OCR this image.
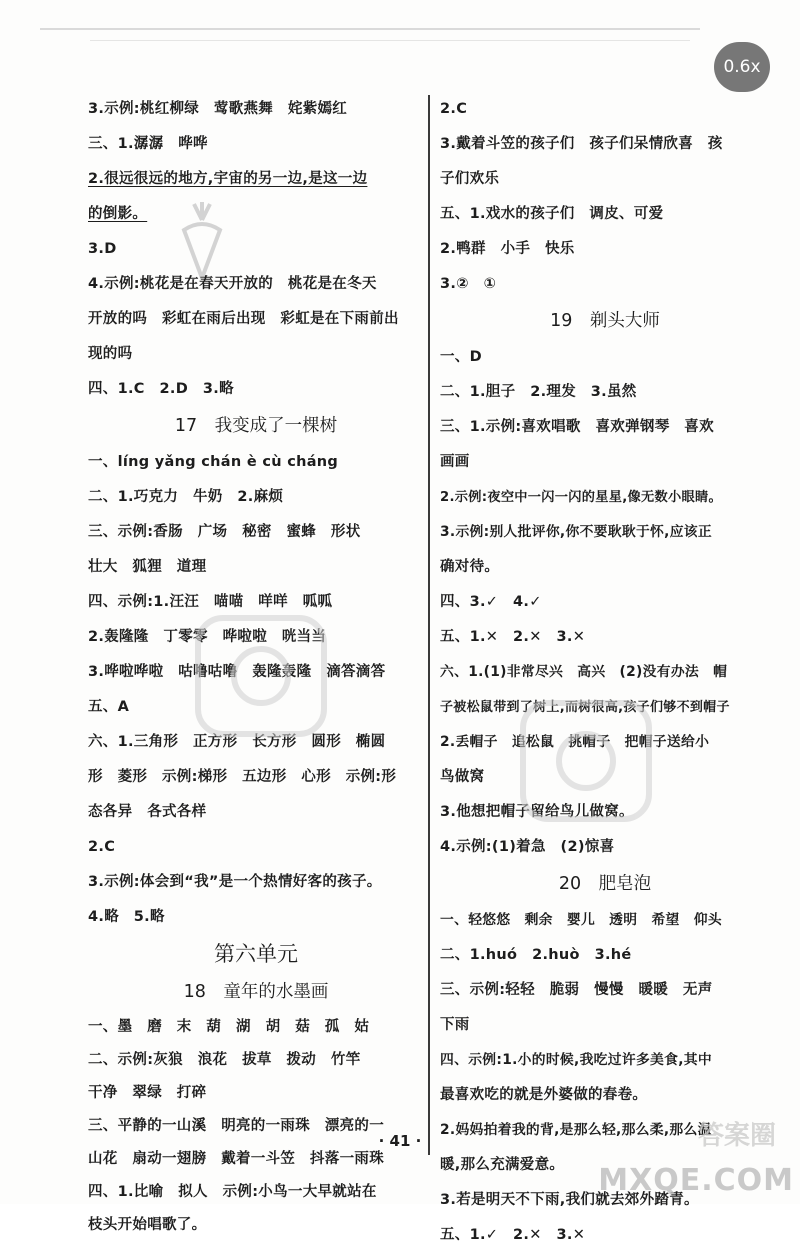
3.示例:桃红柳绿　莺歌燕舞　姹紫嫣红
三、1.潺潺　哗哗
2.很远很远的地方,宇宙的另一边,是这一边
的倒影。
3.D
4.示例:桃花是在春天开放的　桃花是在冬天
开放的吗　彩虹在雨后出现　彩虹是在下雨前出
现的吗
四、1.C　2.D　3.略
17　我变成了一棵树
一、líng yǎng chán è cù cháng
二、1.巧克力　牛奶　2.麻烦
三、示例:香肠　广场　秘密　蜜蜂　形状
壮大　狐狸　道理
四、示例:1.汪汪　喵喵　咩咩　呱呱
2.轰隆隆　丁零零　哗啦啦　咣当当
3.哗啦哗啦　咕噜咕噜　轰隆轰隆　滴答滴答
五、A
六、1.三角形　正方形　长方形　圆形　椭圆
形　菱形　示例:梯形　五边形　心形　示例:形
态各异　各式各样
2.C
3.示例:体会到“我”是一个热情好客的孩子。
4.略　5.略
第六单元
18　童年的水墨画
一、墨　磨　末　葫　湖　胡　菇　孤　姑
二、示例:灰狼　浪花　拔草　拨动　竹竿
干净　翠绿　打碎
三、平静的一山溪　明亮的一雨珠　漂亮的一
山花　扇动一翅膀　戴着一斗笠　抖落一雨珠
四、1.比喻　拟人　示例:小鸟一大早就站在
枝头开始唱歌了。
2.C
3.戴着斗笠的孩子们　孩子们呆情欣喜　孩
子们欢乐
五、1.戏水的孩子们　调皮、可爱
2.鸭群　小手　快乐
3.②　①
19　剃头大师
一、D
二、1.胆子　2.理发　3.虽然
三、1.示例:喜欢唱歌　喜欢弹钢琴　喜欢
画画
2.示例:夜空中一闪一闪的星星,像无数小眼睛。
3.示例:别人批评你,你不要耿耿于怀,应该正
确对待。
四、3.✓　4.✓
五、1.✕　2.✕　3.✕
六、1.(1)非常尽兴　高兴　(2)没有办法　帽
子被松鼠带到了树上,而树很高,孩子们够不到帽子
2.丢帽子　追松鼠　挑帽子　把帽子送给小
鸟做窝
3.他想把帽子留给鸟儿做窝。
4.示例:(1)着急　(2)惊喜
20　肥皂泡
一、轻悠悠　剩余　婴儿　透明　希望　仰头
二、1.huó　2.huò　3.hé
三、示例:轻轻　脆弱　慢慢　暖暖　无声
下雨
四、示例:1.小的时候,我吃过许多美食,其中
最喜欢吃的就是外婆做的春卷。
2.妈妈拍着我的背,是那么轻,那么柔,那么温
暖,那么充满爱意。
3.若是明天不下雨,我们就去郊外踏青。
五、1.✓　2.✕　3.✕
· 41 ·
0.6x
答案圈
MXQE.COM
